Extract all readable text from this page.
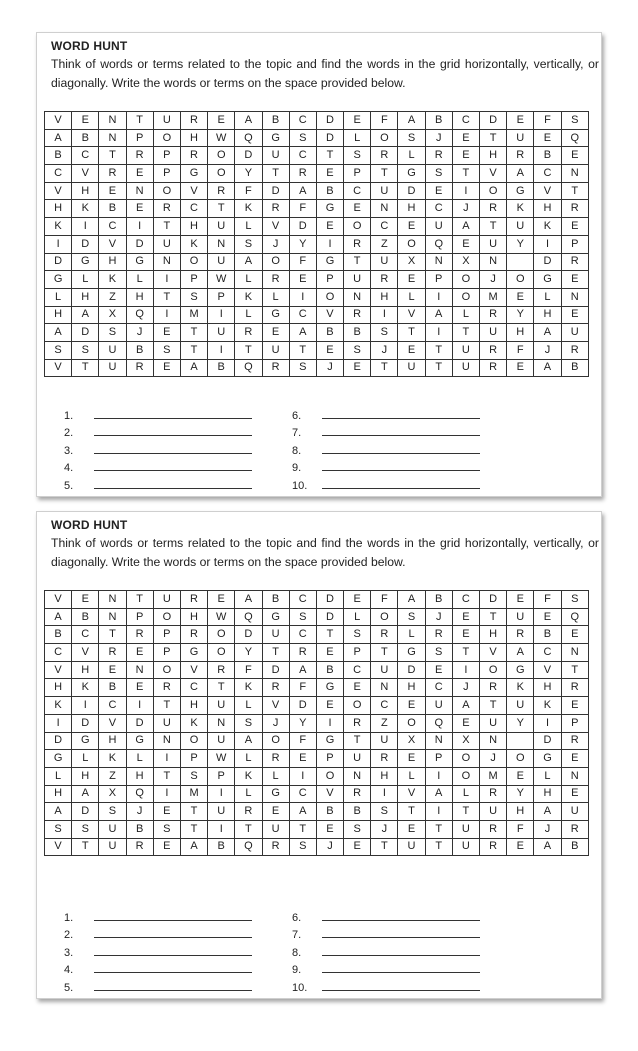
WORD HUNT
Think of words or terms related to the topic and find the words in the grid horizontally, vertically, or diagonally. Write the words or terms on the space provided below.
V	E	N	T	U	R	E	A	B	C	D	E	F	A	B	C	D	E	F	S
A	B	N	P	O	H	W	Q	G	S	D	L	O	S	J	E	T	U	E	Q
B	C	T	R	P	R	O	D	U	C	T	S	R	L	R	E	H	R	B	E
C	V	R	E	P	G	O	Y	T	R	E	P	T	G	S	T	V	A	C	N
V	H	E	N	O	V	R	F	D	A	B	C	U	D	E	I	O	G	V	T
H	K	B	E	R	C	T	K	R	F	G	E	N	H	C	J	R	K	H	R
K	I	C	I	T	H	U	L	V	D	E	O	C	E	U	A	T	U	K	E
I	D	V	D	U	K	N	S	J	Y	I	R	Z	O	Q	E	U	Y	I	P
D	G	H	G	N	O	U	A	O	F	G	T	U	X	N	X	N		D	R
G	L	K	L	I	P	W	L	R	E	P	U	R	E	P	O	J	O	G	E
L	H	Z	H	T	S	P	K	L	I	O	N	H	L	I	O	M	E	L	N
H	A	X	Q	I	M	I	L	G	C	V	R	I	V	A	L	R	Y	H	E
A	D	S	J	E	T	U	R	E	A	B	B	S	T	I	T	U	H	A	U
S	S	U	B	S	T	I	T	U	T	E	S	J	E	T	U	R	F	J	R
V	T	U	R	E	A	B	Q	R	S	J	E	T	U	T	U	R	E	A	B
1.
2.
3.
4.
5.
6.
7.
8.
9.
10.
WORD HUNT
Think of words or terms related to the topic and find the words in the grid horizontally, vertically, or diagonally. Write the words or terms on the space provided below.
V	E	N	T	U	R	E	A	B	C	D	E	F	A	B	C	D	E	F	S
A	B	N	P	O	H	W	Q	G	S	D	L	O	S	J	E	T	U	E	Q
B	C	T	R	P	R	O	D	U	C	T	S	R	L	R	E	H	R	B	E
C	V	R	E	P	G	O	Y	T	R	E	P	T	G	S	T	V	A	C	N
V	H	E	N	O	V	R	F	D	A	B	C	U	D	E	I	O	G	V	T
H	K	B	E	R	C	T	K	R	F	G	E	N	H	C	J	R	K	H	R
K	I	C	I	T	H	U	L	V	D	E	O	C	E	U	A	T	U	K	E
I	D	V	D	U	K	N	S	J	Y	I	R	Z	O	Q	E	U	Y	I	P
D	G	H	G	N	O	U	A	O	F	G	T	U	X	N	X	N		D	R
G	L	K	L	I	P	W	L	R	E	P	U	R	E	P	O	J	O	G	E
L	H	Z	H	T	S	P	K	L	I	O	N	H	L	I	O	M	E	L	N
H	A	X	Q	I	M	I	L	G	C	V	R	I	V	A	L	R	Y	H	E
A	D	S	J	E	T	U	R	E	A	B	B	S	T	I	T	U	H	A	U
S	S	U	B	S	T	I	T	U	T	E	S	J	E	T	U	R	F	J	R
V	T	U	R	E	A	B	Q	R	S	J	E	T	U	T	U	R	E	A	B
1.
2.
3.
4.
5.
6.
7.
8.
9.
10.
